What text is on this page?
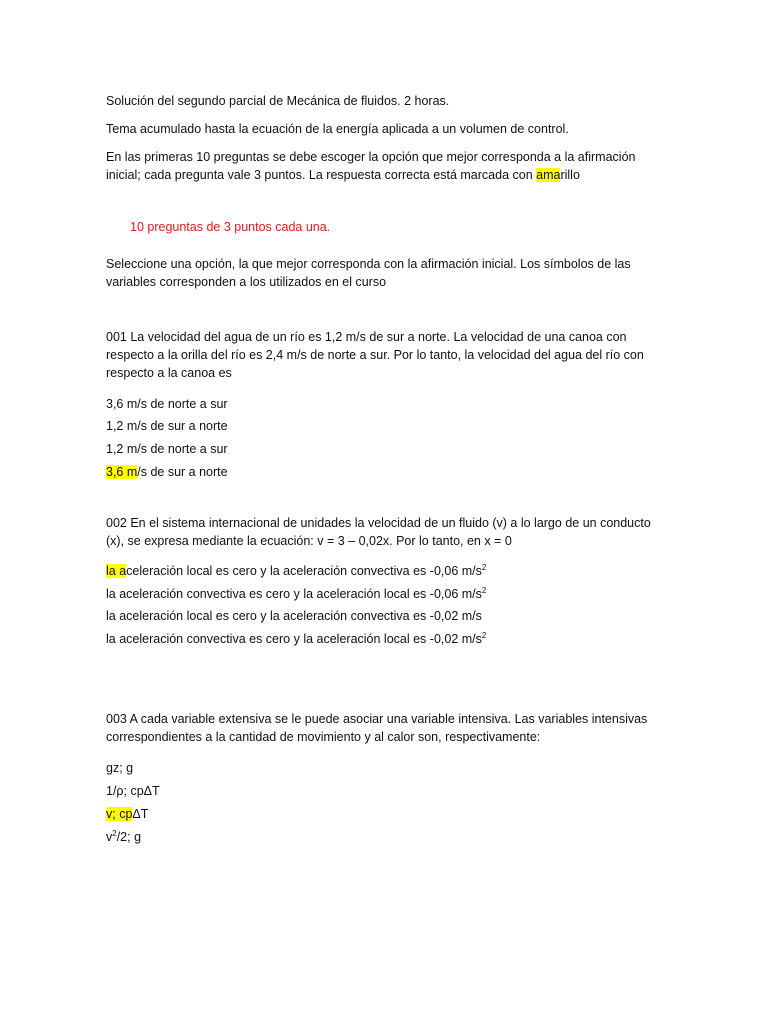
Solución del segundo parcial de Mecánica de fluidos. 2 horas.
Tema acumulado hasta la ecuación de la energía aplicada a un volumen de control.
En las primeras 10 preguntas se debe escoger la opción que mejor corresponda a la afirmación inicial; cada pregunta vale 3 puntos. La respuesta correcta está marcada con amarillo
10 preguntas de 3 puntos cada una.
Seleccione una opción, la que mejor corresponda con la afirmación inicial. Los símbolos de las variables corresponden a los utilizados en el curso
001 La velocidad del agua de un río es 1,2 m/s de sur a norte. La velocidad de una canoa con respecto a la orilla del río es 2,4 m/s de norte a sur. Por lo tanto, la velocidad del agua del río con respecto a la canoa es
3,6 m/s de norte a sur
1,2 m/s de sur a norte
1,2 m/s de norte a sur
3,6 m/s de sur a norte
002 En el sistema internacional de unidades la velocidad de un fluido (v) a lo largo de un conducto (x), se expresa mediante la ecuación: v = 3 – 0,02x. Por lo tanto, en x = 0
la aceleración local es cero y la aceleración convectiva es -0,06 $m/s^2$
la aceleración convectiva es cero y la aceleración local es -0,06 $m/s^2$
la aceleración local es cero y la aceleración convectiva es -0,02 m/s
la aceleración convectiva es cero y la aceleración local es -0,02 $m/s^2$
003 A cada variable extensiva se le puede asociar una variable intensiva. Las variables intensivas correspondientes a la cantidad de movimiento y al calor son, respectivamente:
gz; g
1/ρ; cpΔT
v; cpΔT
$v^2/2$; g
